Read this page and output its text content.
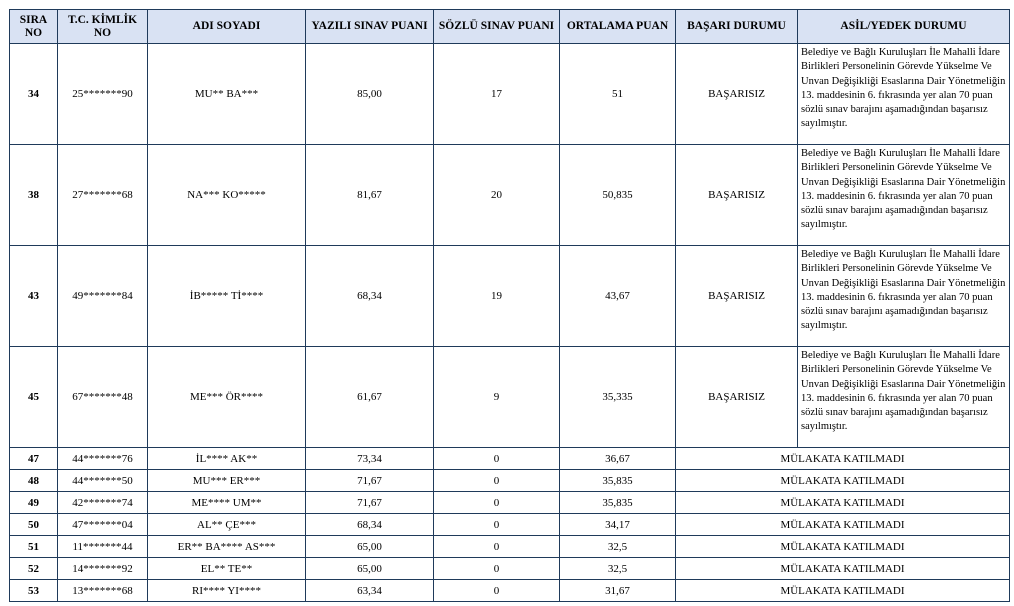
SIRA NO	T.C. KİMLİK NO	ADI SOYADI	YAZILI SINAV PUANI	SÖZLÜ SINAV PUANI	ORTALAMA PUAN	BAŞARI DURUMU	ASİL/YEDEK DURUMU
34	25*******90	MU** BA***	85,00	17	51	BAŞARISIZ	Belediye ve Bağlı Kuruluşları İle Mahalli İdare Birlikleri Personelinin Görevde Yükselme Ve Unvan Değişikliği Esaslarına Dair Yönetmeliğin 13. maddesinin 6. fıkrasında yer alan 70 puan sözlü sınav barajını aşamadığından başarısız sayılmıştır.
38	27*******68	NA*** KO*****	81,67	20	50,835	BAŞARISIZ	Belediye ve Bağlı Kuruluşları İle Mahalli İdare Birlikleri Personelinin Görevde Yükselme Ve Unvan Değişikliği Esaslarına Dair Yönetmeliğin 13. maddesinin 6. fıkrasında yer alan 70 puan sözlü sınav barajını aşamadığından başarısız sayılmıştır.
43	49*******84	İB***** Tİ****	68,34	19	43,67	BAŞARISIZ	Belediye ve Bağlı Kuruluşları İle Mahalli İdare Birlikleri Personelinin Görevde Yükselme Ve Unvan Değişikliği Esaslarına Dair Yönetmeliğin 13. maddesinin 6. fıkrasında yer alan 70 puan sözlü sınav barajını aşamadığından başarısız sayılmıştır.
45	67*******48	ME*** ÖR****	61,67	9	35,335	BAŞARISIZ	Belediye ve Bağlı Kuruluşları İle Mahalli İdare Birlikleri Personelinin Görevde Yükselme Ve Unvan Değişikliği Esaslarına Dair Yönetmeliğin 13. maddesinin 6. fıkrasında yer alan 70 puan sözlü sınav barajını aşamadığından başarısız sayılmıştır.
47	44*******76	İL**** AK**	73,34	0	36,67	MÜLAKATA KATILMADI	
48	44*******50	MU*** ER***	71,67	0	35,835	MÜLAKATA KATILMADI	
49	42*******74	ME**** UM**	71,67	0	35,835	MÜLAKATA KATILMADI	
50	47*******04	AL** ÇE***	68,34	0	34,17	MÜLAKATA KATILMADI	
51	11*******44	ER** BA**** AS***	65,00	0	32,5	MÜLAKATA KATILMADI	
52	14*******92	EL** TE**	65,00	0	32,5	MÜLAKATA KATILMADI	
53	13*******68	RI**** YI****	63,34	0	31,67	MÜLAKATA KATILMADI	
